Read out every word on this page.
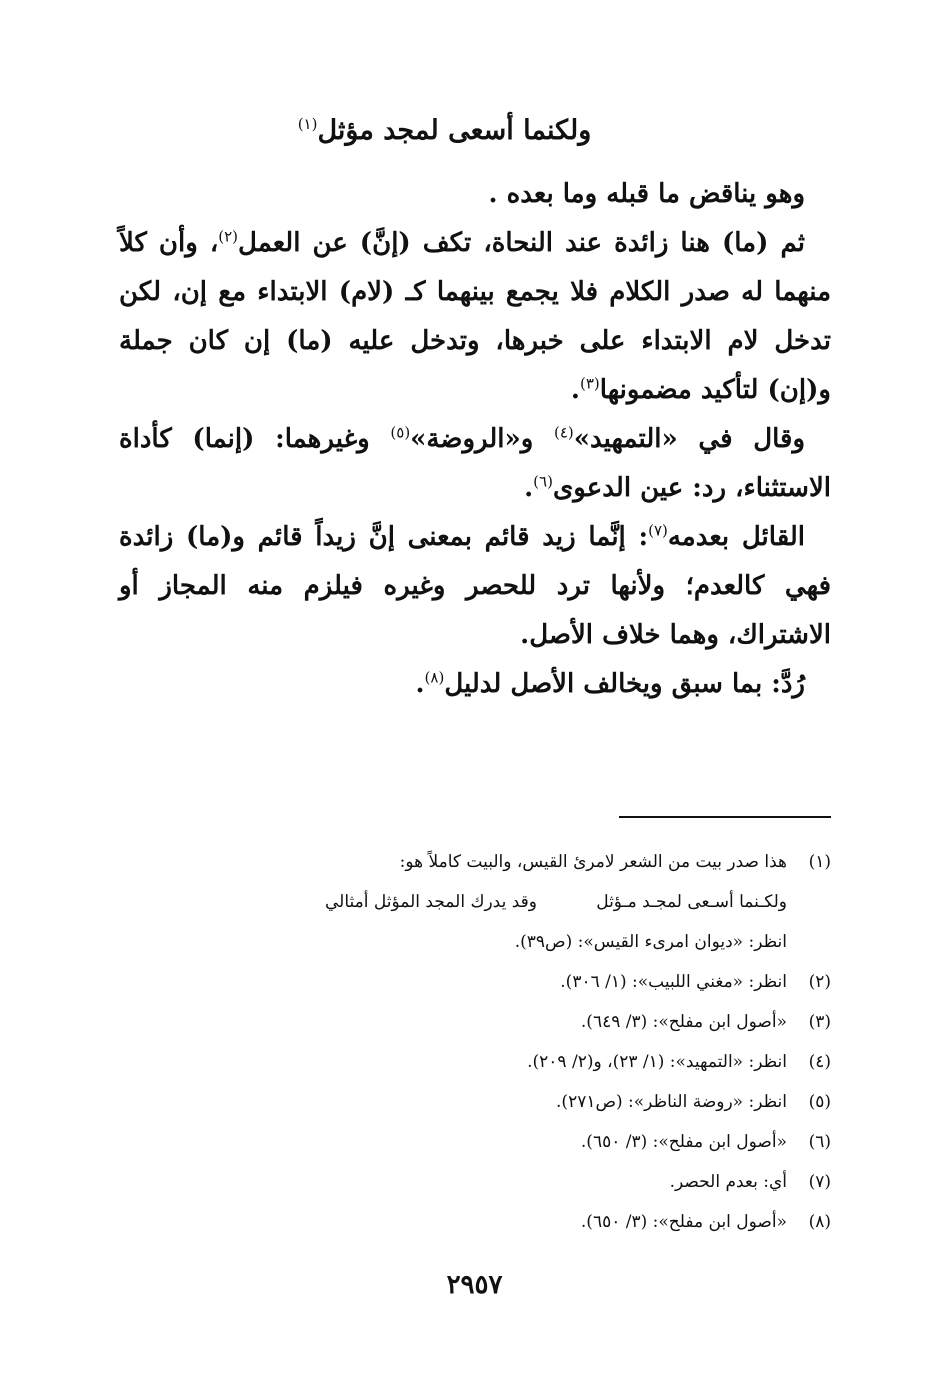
ولكنما أسعى لمجد مؤثل$^{(١)}$

وهو يناقض ما قبله وما بعده .

ثم (ما) هنا زائدة عند النحاة، تكف (إنَّ) عن العمل$^{(٢)}$، وأن كلاً منهما له صدر الكلام فلا يجمع بينهما كـ (لام) الابتداء مع إن، لكن تدخل لام الابتداء على خبرها، وتدخل عليه (ما) إن كان جملة و(إن) لتأكيد مضمونها$^{(٣)}$.

وقال في «التمهيد»$^{(٤)}$ و«الروضة»$^{(٥)}$ وغيرهما: (إنما) كأداة الاستثناء، رد: عين الدعوى$^{(٦)}$.

القائل بعدمه$^{(٧)}$: إنَّما زيد قائم بمعنى إنَّ زيداً قائم و(ما) زائدة فهي كالعدم؛ ولأنها ترد للحصر وغيره فيلزم منه المجاز أو الاشتراك، وهما خلاف الأصل.

رُدَّ: بما سبق ويخالف الأصل لدليل$^{(٨)}$.

(١)
هذا صدر بيت من الشعر لامرئ القيس، والبيت كاملاً هو:
ولكـنما أسـعى لمجـد مـؤثل
وقد يدرك المجد المؤثل أمثالي
انظر: «ديوان امرىء القيس»: (ص٣٩).
(٢)
انظر: «مغني اللبيب»: (١/ ٣٠٦).
(٣)
«أصول ابن مفلح»: (٣/ ٦٤٩).
(٤)
انظر: «التمهيد»: (١/ ٢٣)، و(٢/ ٢٠٩).
(٥)
انظر: «روضة الناظر»: (ص٢٧١).
(٦)
«أصول ابن مفلح»: (٣/ ٦٥٠).
(٧)
أي: بعدم الحصر.
(٨)
«أصول ابن مفلح»: (٣/ ٦٥٠).
٢٩٥٧
